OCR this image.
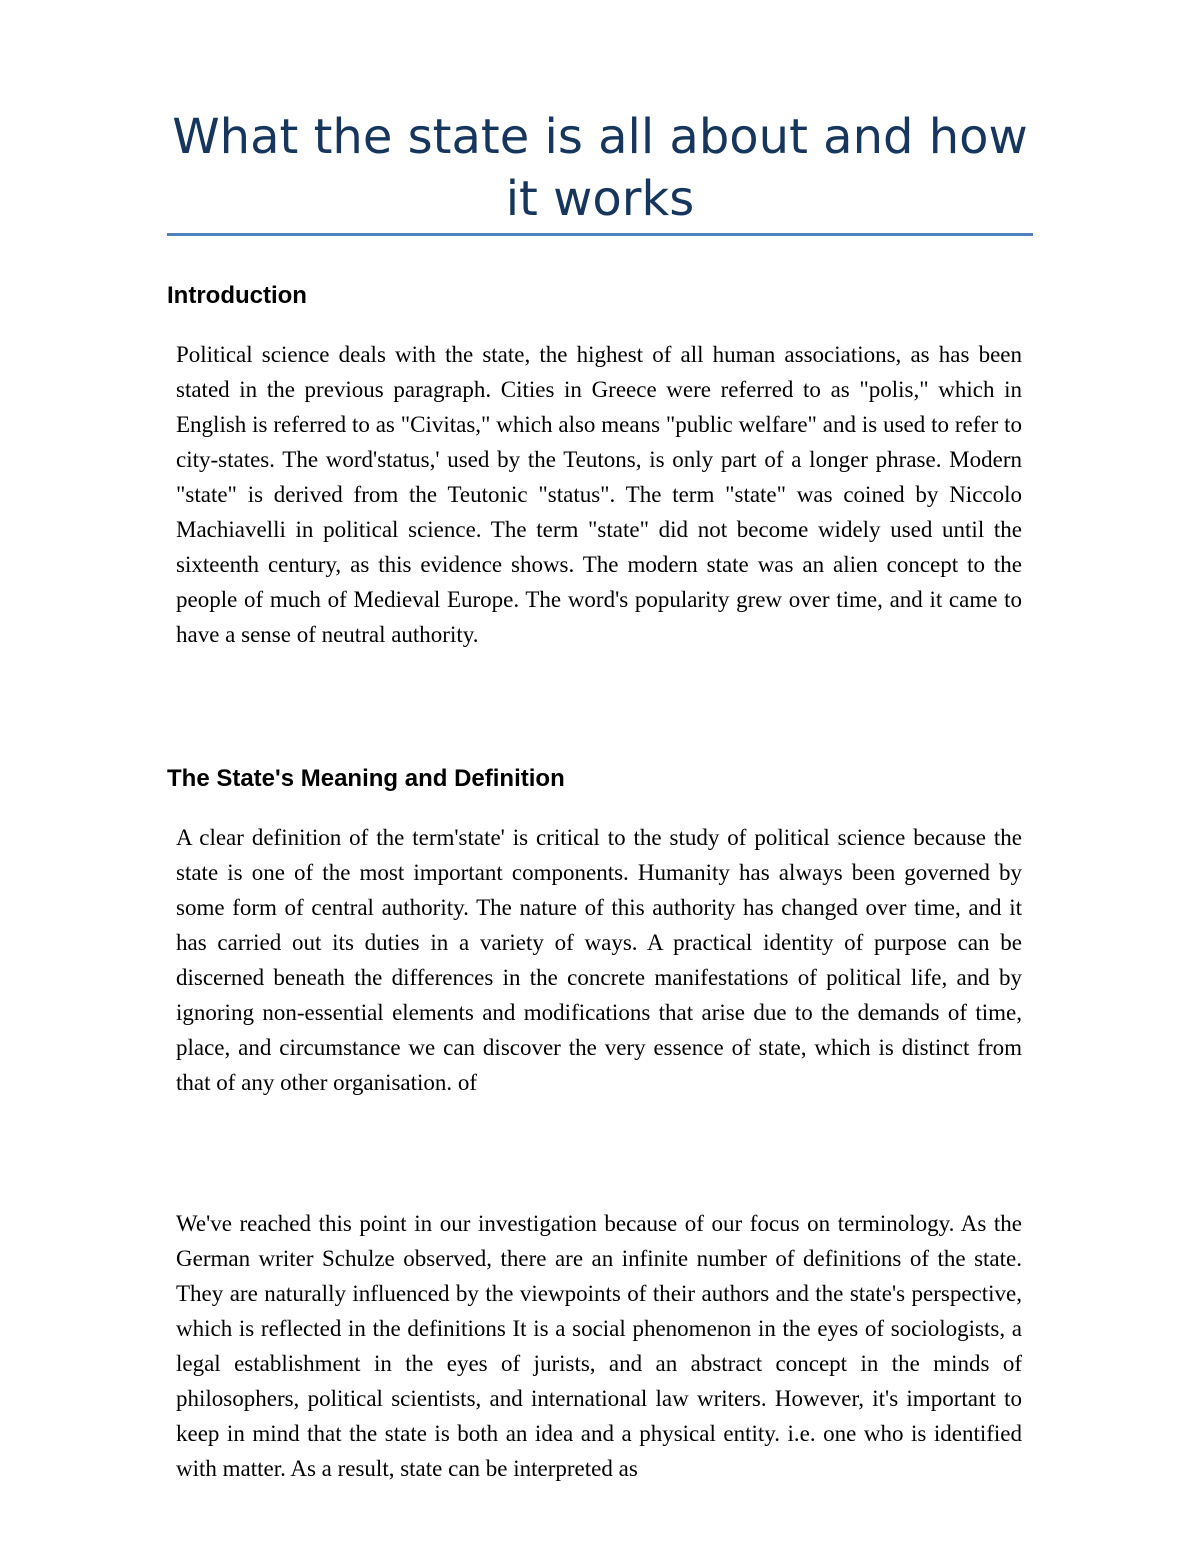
What the state is all about and how it works
Introduction

Political science deals with the state, the highest of all human associations, as has been stated in the previous paragraph. Cities in Greece were referred to as "polis," which in English is referred to as "Civitas," which also means "public welfare" and is used to refer to city-states. The word'status,' used by the Teutons, is only part of a longer phrase. Modern "state" is derived from the Teutonic "status". The term "state" was coined by Niccolo Machiavelli in political science. The term "state" did not become widely used until the sixteenth century, as this evidence shows. The modern state was an alien concept to the people of much of Medieval Europe. The word's popularity grew over time, and it came to have a sense of neutral authority.

The State's Meaning and Definition

A clear definition of the term'state' is critical to the study of political science because the state is one of the most important components. Humanity has always been governed by some form of central authority. The nature of this authority has changed over time, and it has carried out its duties in a variety of ways. A practical identity of purpose can be discerned beneath the differences in the concrete manifestations of political life, and by ignoring non-essential elements and modifications that arise due to the demands of time, place, and circumstance we can discover the very essence of state, which is distinct from that of any other organisation. of

We've reached this point in our investigation because of our focus on terminology. As the German writer Schulze observed, there are an infinite number of definitions of the state. They are naturally influenced by the viewpoints of their authors and the state's perspective, which is reflected in the definitions It is a social phenomenon in the eyes of sociologists, a legal establishment in the eyes of jurists, and an abstract concept in the minds of philosophers, political scientists, and international law writers. However, it's important to keep in mind that the state is both an idea and a physical entity. i.e. one who is identified with matter. As a result, state can be interpreted as
